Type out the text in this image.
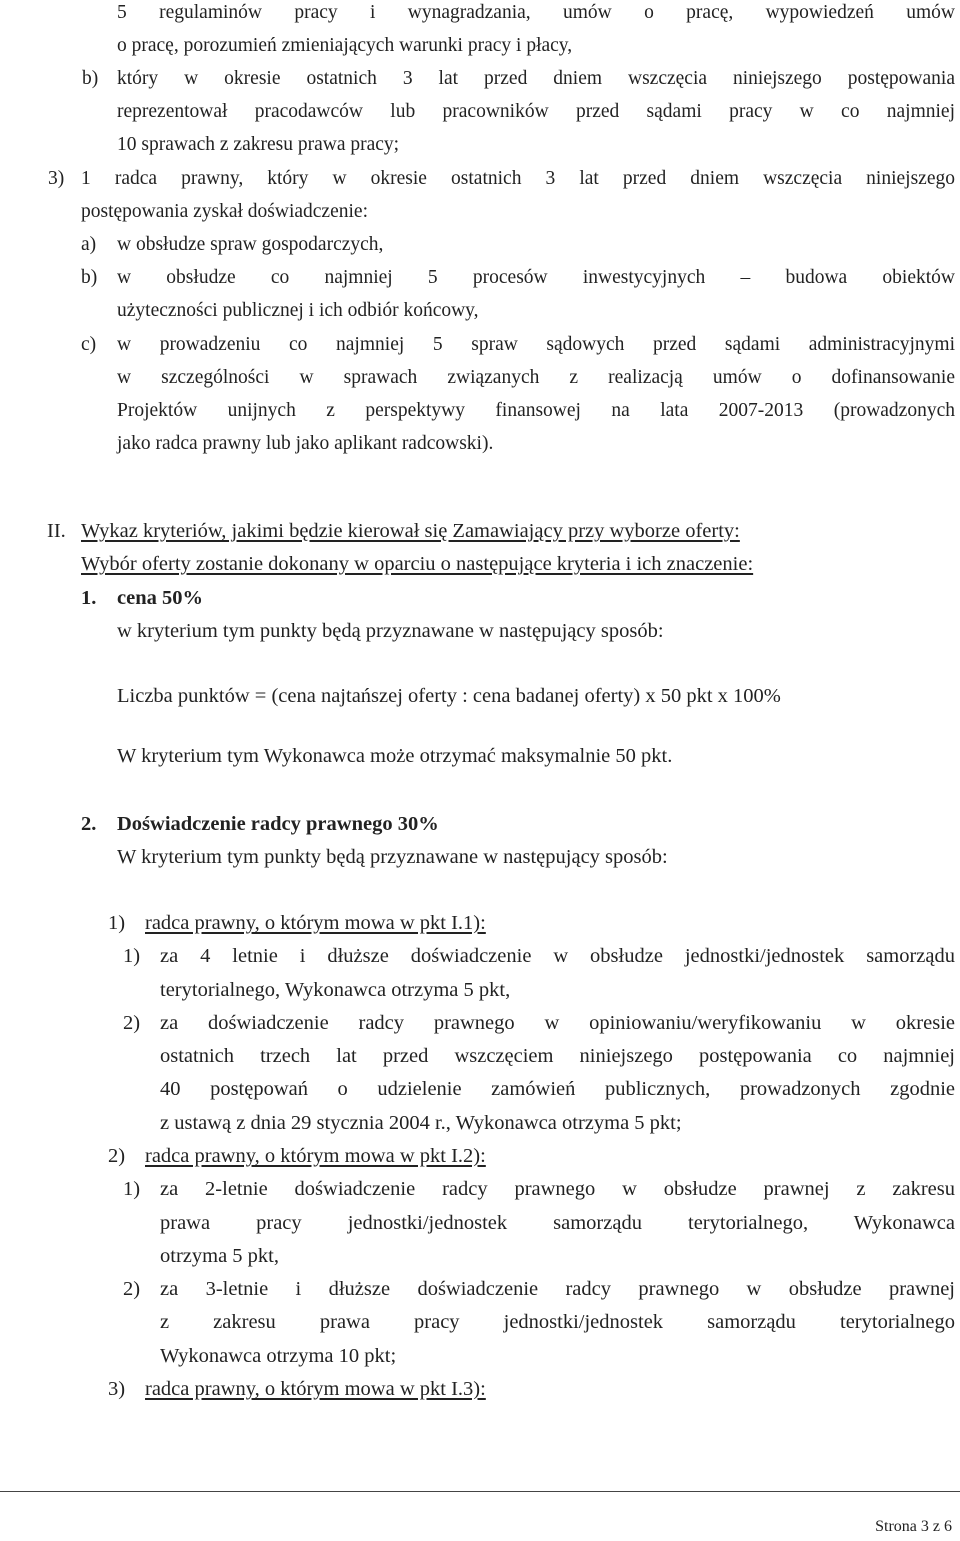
5 regulaminów pracy i wynagradzania, umów o pracę, wypowiedzeń umów
o pracę, porozumień zmieniających warunki pracy i płacy,
b) który w okresie ostatnich 3 lat przed dniem wszczęcia niniejszego postępowania
reprezentował pracodawców lub pracowników przed sądami pracy w co najmniej
10 sprawach z zakresu prawa pracy;
3) 1 radca prawny, który w okresie ostatnich 3 lat przed dniem wszczęcia niniejszego
postępowania zyskał doświadczenie:
a) w obsłudze spraw gospodarczych,
b) w obsłudze co najmniej 5 procesów inwestycyjnych – budowa obiektów
użyteczności publicznej i ich odbiór końcowy,
c) w prowadzeniu co najmniej 5 spraw sądowych przed sądami administracyjnymi
w szczególności w sprawach związanych z realizacją umów o dofinansowanie
Projektów unijnych z perspektywy finansowej na lata 2007-2013 (prowadzonych
jako radca prawny lub jako aplikant radcowski).
II. Wykaz kryteriów, jakimi będzie kierował się Zamawiający przy wyborze oferty:
Wybór oferty zostanie dokonany w oparciu o następujące kryteria i ich znaczenie:
1. cena 50%
w kryterium tym punkty będą przyznawane w następujący sposób:
Liczba punktów = (cena najtańszej oferty : cena badanej oferty) x 50 pkt x 100%
W kryterium tym Wykonawca może otrzymać maksymalnie 50 pkt.
2. Doświadczenie radcy prawnego 30%
W kryterium tym punkty będą przyznawane w następujący sposób:
1) radca prawny, o którym mowa w pkt I.1):
1) za 4 letnie i dłuższe doświadczenie w obsłudze jednostki/jednostek samorządu
terytorialnego, Wykonawca otrzyma 5 pkt,
2) za doświadczenie radcy prawnego w opiniowaniu/weryfikowaniu w okresie
ostatnich trzech lat przed wszczęciem niniejszego postępowania co najmniej
40 postępowań o udzielenie zamówień publicznych, prowadzonych zgodnie
z ustawą z dnia 29 stycznia 2004 r., Wykonawca otrzyma 5 pkt;
2) radca prawny, o którym mowa w pkt I.2):
1) za 2-letnie doświadczenie radcy prawnego w obsłudze prawnej z zakresu
prawa pracy jednostki/jednostek samorządu terytorialnego, Wykonawca
otrzyma 5 pkt,
2) za 3-letnie i dłuższe doświadczenie radcy prawnego w obsłudze prawnej
z zakresu prawa pracy jednostki/jednostek samorządu terytorialnego
Wykonawca otrzyma 10 pkt;
3) radca prawny, o którym mowa w pkt I.3):
Strona 3 z 6
